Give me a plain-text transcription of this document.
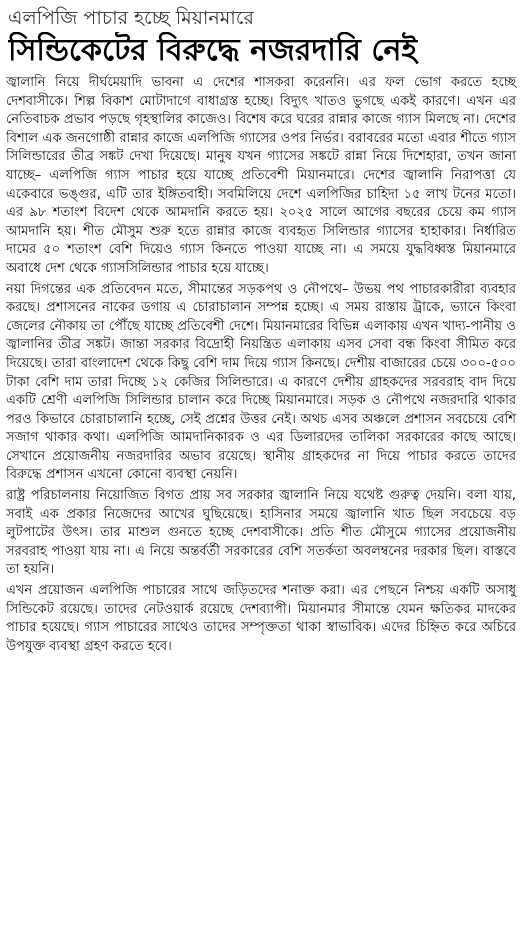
এলপিজি পাচার হচ্ছে মিয়ানমারে
সিন্ডিকেটের বিরুদ্ধে নজরদারি নেই

জ্বালানি নিয়ে দীর্ঘমেয়াদি ভাবনা এ দেশের শাসকরা করেননি। এর ফল ভোগ করতে হচ্ছে দেশবাসীকে। শিল্প বিকাশ মোটাদাগে বাধাগ্রস্ত হচ্ছে। বিদ্যুৎ খাতও ভুগছে একই কারণে। এখন এর নেতিবাচক প্রভাব পড়ছে গৃহস্থালির কাজেও। বিশেষ করে ঘরের রান্নার কাজে গ্যাস মিলছে না। দেশের বিশাল এক জনগোষ্ঠী রান্নার কাজে এলপিজি গ্যাসের ওপর নির্ভর। বরাবরের মতো এবার শীতে গ্যাস সিলিন্ডারের তীব্র সঙ্কট দেখা দিয়েছে। মানুষ যখন গ্যাসের সঙ্কটে রান্না নিয়ে দিশেহারা, তখন জানা যাচ্ছে– এলপিজি গ্যাস পাচার হয়ে যাচ্ছে প্রতিবেশী মিয়ানমারে। দেশের জ্বালানি নিরাপত্তা যে একেবারে ভঙ্গুর, এটি তার ইঙ্গিতবাহী। সবমিলিয়ে দেশে এলপিজির চাহিদা ১৫ লাখ টনের মতো। এর ৯৮ শতাংশ বিদেশ থেকে আমদানি করতে হয়। ২০২৫ সালে আগের বছরের চেয়ে কম গ্যাস আমদানি হয়। শীত মৌসুম শুরু হতে রান্নার কাজে ব্যবহৃত সিলিন্ডার গ্যাসের হাহাকার। নির্ধারিত দামের ৫০ শতাংশ বেশি দিয়েও গ্যাস কিনতে পাওয়া যাচ্ছে না। এ সময়ে যুদ্ধবিধ্বস্ত মিয়ানমারে অবাধে দেশ থেকে গ্যাসসিলিন্ডার পাচার হয়ে যাচ্ছে।

নয়া দিগন্তের এক প্রতিবেদন মতে, সীমান্তের সড়কপথ ও নৌপথে– উভয় পথ পাচারকারীরা ব্যবহার করছে। প্রশাসনের নাকের ডগায় এ চোরাচালান সম্পন্ন হচ্ছে। এ সময় রাস্তায় ট্রাকে, ভ্যানে কিংবা জেলের নৌকায় তা পৌঁছে যাচ্ছে প্রতিবেশী দেশে। মিয়ানমারের বিভিন্ন এলাকায় এখন খাদ্য-পানীয় ও জ্বালানির তীব্র সঙ্কট। জান্তা সরকার বিদ্রোহী নিয়ন্ত্রিত এলাকায় এসব সেবা বন্ধ কিংবা সীমিত করে দিয়েছে। তারা বাংলাদেশ থেকে কিছু বেশি দাম দিয়ে গ্যাস কিনছে। দেশীয় বাজারের চেয়ে ৩০০-৫০০ টাকা বেশি দাম তারা দিচ্ছে ১২ কেজির সিলিন্ডারে। এ কারণে দেশীয় গ্রাহকদের সরবরাহ বাদ দিয়ে একটি শ্রেণী এলপিজি সিলিন্ডার চালান করে দিচ্ছে মিয়ানমারে। সড়ক ও নৌপথে নজরদারি থাকার পরও কিভাবে চোরাচালানি হচ্ছে, সেই প্রশ্নের উত্তর নেই। অথচ এসব অঞ্চলে প্রশাসন সবচেয়ে বেশি সজাগ থাকার কথা। এলপিজি আমদানিকারক ও এর ডিলারদের তালিকা সরকারের কাছে আছে। সেখানে প্রয়োজনীয় নজরদারির অভাব রয়েছে। স্থানীয় গ্রাহকদের না দিয়ে পাচার করতে তাদের বিরুদ্ধে প্রশাসন এখনো কোনো ব্যবস্থা নেয়নি।

রাষ্ট্র পরিচালনায় নিয়োজিত বিগত প্রায় সব সরকার জ্বালানি নিয়ে যথেষ্ট গুরুত্ব দেয়নি। বলা যায়, সবাই এক প্রকার নিজেদের আখের ঘুছিয়েছে। হাসিনার সময়ে জ্বালানি খাত ছিল সবচেয়ে বড় লুটপাটের উৎস। তার মাশুল গুনতে হচ্ছে দেশবাসীকে। প্রতি শীত মৌসুমে গ্যাসের প্রয়োজনীয় সরবরাহ পাওয়া যায় না। এ নিয়ে অন্তর্বর্তী সরকারের বেশি সতর্কতা অবলম্বনের দরকার ছিল। বাস্তবে তা হয়নি।

এখন প্রয়োজন এলপিজি পাচারের সাথে জড়িতদের শনাক্ত করা। এর পেছনে নিশ্চয় একটি অসাধু সিন্ডিকেট রয়েছে। তাদের নেটওয়ার্ক রয়েছে দেশব্যাপী। মিয়ানমার সীমান্তে যেমন ক্ষতিকর মাদকের পাচার হয়েছে। গ্যাস পাচারের সাথেও তাদের সম্পৃক্ততা থাকা স্বাভাবিক। এদের চিহ্নিত করে অচিরে উপযুক্ত ব্যবস্থা গ্রহণ করতে হবে।
